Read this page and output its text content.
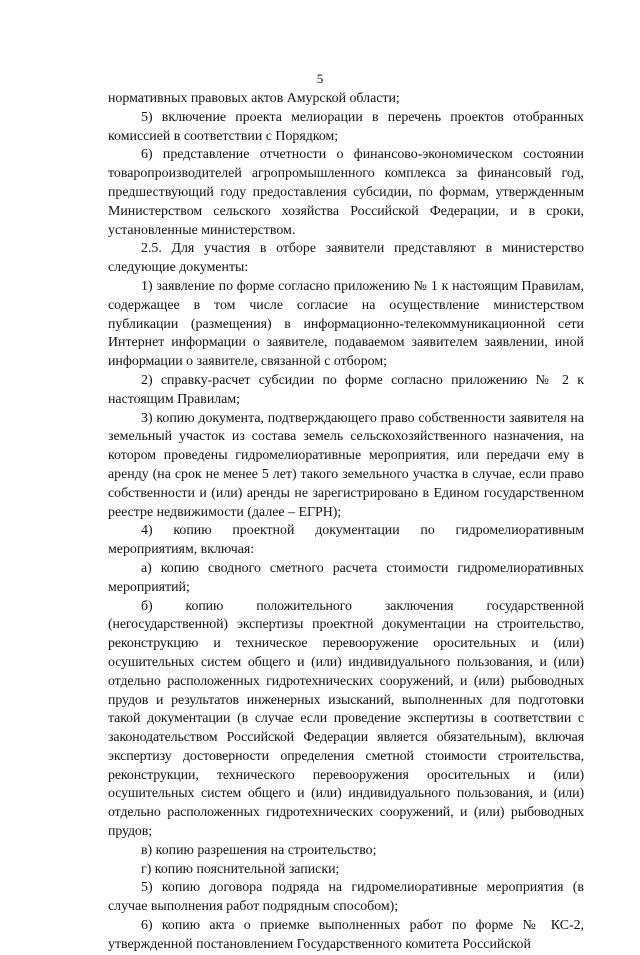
5

нормативных правовых актов Амурской области;

5) включение проекта мелиорации в перечень проектов отобранных комиссией в соответствии с Порядком;

6) представление отчетности о финансово-экономическом состоянии товаропроизводителей агропромышленного комплекса за финансовый год, предшествующий году предоставления субсидии, по формам, утвержденным Министерством сельского хозяйства Российской Федерации, и в сроки, установленные министерством.

2.5. Для участия в отборе заявители представляют в министерство следующие документы:

1) заявление по форме согласно приложению № 1 к настоящим Правилам, содержащее в том числе согласие на осуществление министерством публикации (размещения) в информационно-телекоммуникационной сети Интернет информации о заявителе, подаваемом заявителем заявлении, иной информации о заявителе, связанной с отбором;

2) справку-расчет субсидии по форме согласно приложению № 2 к настоящим Правилам;

3) копию документа, подтверждающего право собственности заявителя на земельный участок из состава земель сельскохозяйственного назначения, на котором проведены гидромелиоративные мероприятия, или передачи ему в аренду (на срок не менее 5 лет) такого земельного участка в случае, если право собственности и (или) аренды не зарегистрировано в Едином государственном реестре недвижимости (далее – ЕГРН);

4) копию проектной документации по гидромелиоративным мероприятиям, включая:

а) копию сводного сметного расчета стоимости гидромелиоративных мероприятий;

б) копию положительного заключения государственной (негосударственной) экспертизы проектной документации на строительство, реконструкцию и техническое перевооружение оросительных и (или) осушительных систем общего и (или) индивидуального пользования, и (или) отдельно расположенных гидротехнических сооружений, и (или) рыбоводных прудов и результатов инженерных изысканий, выполненных для подготовки такой документации (в случае если проведение экспертизы в соответствии с законодательством Российской Федерации является обязательным), включая экспертизу достоверности определения сметной стоимости строительства, реконструкции, технического перевооружения оросительных и (или) осушительных систем общего и (или) индивидуального пользования, и (или) отдельно расположенных гидротехнических сооружений, и (или) рыбоводных прудов;

в) копию разрешения на строительство;

г) копию пояснительной записки;

5) копию договора подряда на гидромелиоративные мероприятия (в случае выполнения работ подрядным способом);

6) копию акта о приемке выполненных работ по форме № КС-2, утвержденной постановлением Государственного комитета Российской
